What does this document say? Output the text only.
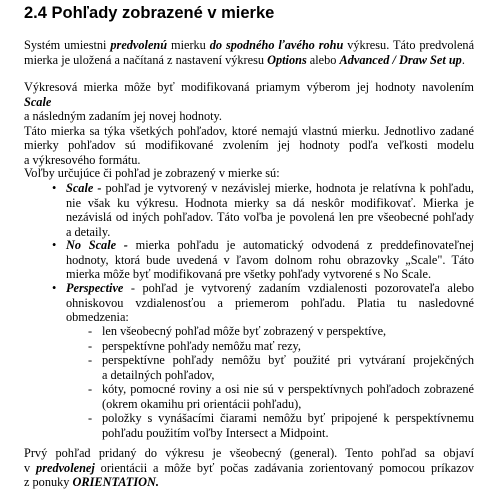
2.4 Pohľady zobrazené v mierke
Systém umiestni predvolenú mierku do spodného ľavého rohu výkresu. Táto predvolená
mierka je uložená a načítaná z nastavení výkresu Options alebo Advanced / Draw Set up.
Výkresová mierka môže byť modifikovaná priamym výberom jej hodnoty navolením Scale
a následným zadaním jej novej hodnoty.
Táto mierka sa týka všetkých pohľadov, ktoré nemajú vlastnú mierku. Jednotlivo zadané
mierky pohľadov sú modifikované zvolením jej hodnoty podľa veľkosti modelu
a výkresového formátu.
Voľby určujúce či pohľad je zobrazený v mierke sú:
• Scale - pohľad je vytvorený v nezávislej mierke, hodnota je relatívna k pohľadu,
nie však ku výkresu. Hodnota mierky sa dá neskôr modifikovať. Mierka je
nezávislá od iných pohľadov. Táto voľba je povolená len pre všeobecné pohľady
a detaily.
• No Scale - mierka pohľadu je automatický odvodená z preddefinovateľnej
hodnoty, ktorá bude uvedená v ľavom dolnom rohu obrazovky „Scale". Táto
mierka môže byť modifikovaná pre všetky pohľady vytvorené s No Scale.
• Perspective - pohľad je vytvorený zadaním vzdialenosti pozorovateľa alebo
ohniskovou vzdialenosťou a priemerom pohľadu. Platia tu nasledovné
obmedzenia:
- len všeobecný pohľad môže byť zobrazený v perspektíve,
- perspektívne pohľady nemôžu mať rezy,
- perspektívne pohľady nemôžu byť použité pri vytváraní projekčných
a detailných pohľadov,
- kóty, pomocné roviny a osi nie sú v perspektívnych pohľadoch zobrazené
(okrem okamihu pri orientácii pohľadu),
- položky s vynášacími čiarami nemôžu byť pripojené k perspektívnemu
pohľadu použitím voľby Intersect a Midpoint.
Prvý pohľad pridaný do výkresu je všeobecný (general). Tento pohľad sa objaví
v predvolenej orientácii a môže byť počas zadávania zorientovaný pomocou príkazov
z ponuky ORIENTATION.
